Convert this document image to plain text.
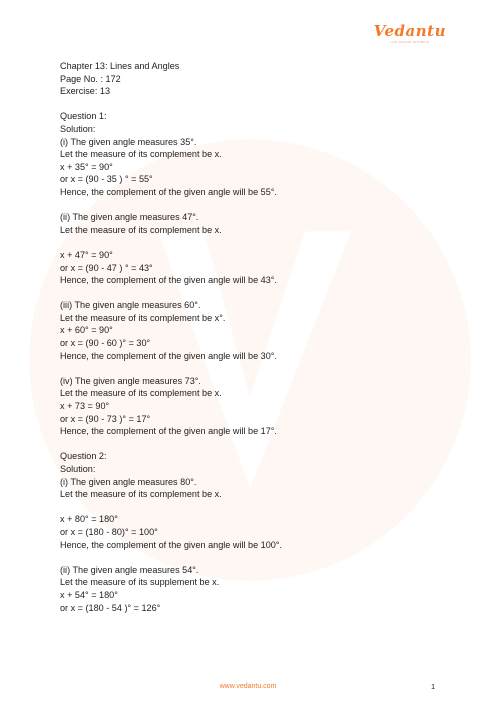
Vedantu
LIVE ONLINE TUTORING
Chapter 13: Lines and Angles
Page No. : 172
Exercise: 13
Question 1:
Solution:
(i) The given angle measures 35°.
Let the measure of its complement be x.
x + 35° = 90°
or x = (90 - 35 ) ° = 55°
Hence, the complement of the given angle will be 55°.
(ii) The given angle measures 47°.
Let the measure of its complement be x.
x + 47° = 90°
or x = (90 - 47 ) ° = 43°
Hence, the complement of the given angle will be 43°.
(iii) The given angle measures 60°.
Let the measure of its complement be x°.
x + 60° = 90°
or x = (90 - 60 )° = 30°
Hence, the complement of the given angle will be 30°.
(iv) The given angle measures 73°.
Let the measure of its complement be x.
x + 73 = 90°
or x = (90 - 73 )° = 17°
Hence, the complement of the given angle will be 17°.
Question 2:
Solution:
(i) The given angle measures 80°.
Let the measure of its complement be x.
x + 80° = 180°
or x = (180 - 80)° = 100°
Hence, the complement of the given angle will be 100°.
(ii) The given angle measures 54°.
Let the measure of its supplement be x.
x + 54° = 180°
or x = (180 - 54 )° = 126°
www.vedantu.com	1
